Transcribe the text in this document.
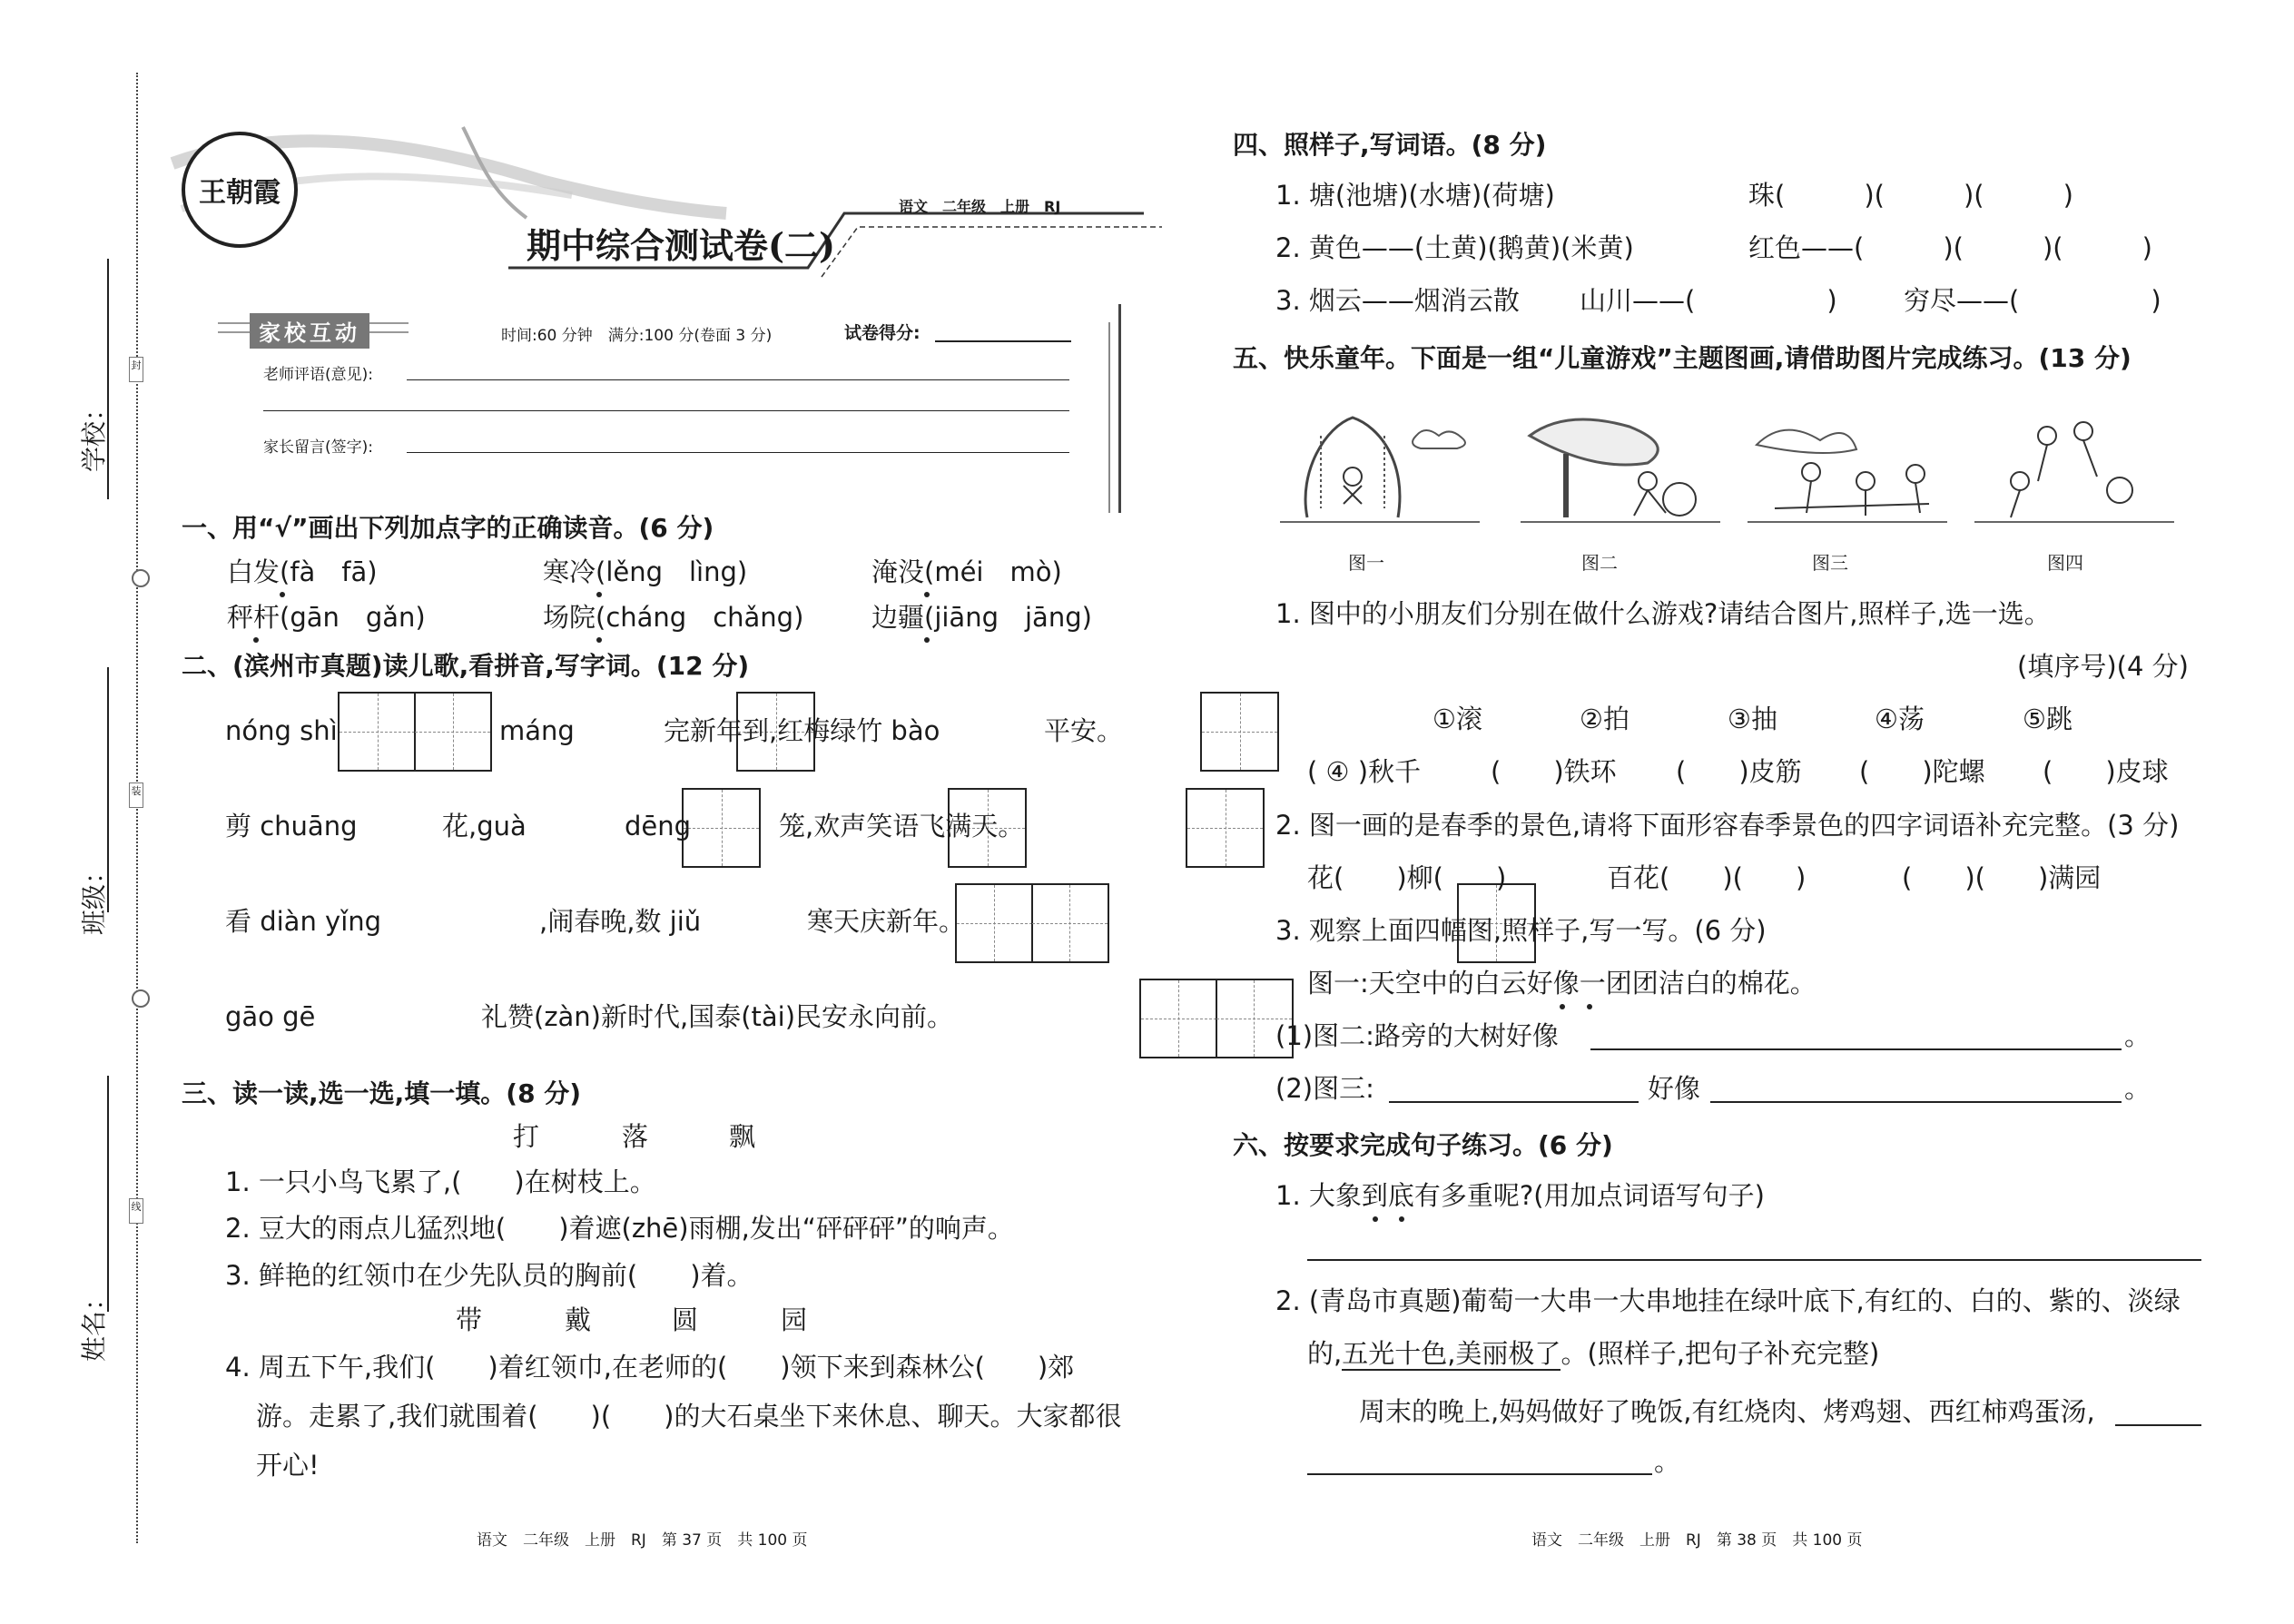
学校：
班级：
姓名：
封
装
线
王朝霞	语文　二年级　上册　RJ
期中综合测试卷(二)
家校互动	时间:60 分钟　满分:100 分(卷面 3 分)	试卷得分:
老师评语(意见):
家长留言(签字):
一、用“√”画出下列加点字的正确读音。(6 分)
白发(fà　fā)	寒冷(lěng　lìng)	淹没(méi　mò)
秤杆(gān　gǎn)	场院(cháng　chǎng)	边疆(jiāng　jāng)
二、(滨州市真题)读儿歌,看拼音,写字词。(12 分)
nóng shì
	máng
	完新年到,红梅绿竹 bào
	平安。
剪 chuāng
	花,guà
	dēng
	笼,欢声笑语飞满天。
看 diàn yǐng
	,闹春晚,数 jiǔ
	寒天庆新年。
gāo gē	礼赞(zàn)新时代,国泰(tài)民安永向前。
三、读一读,选一选,填一填。(8 分)
打	落	飘
1. 一只小鸟飞累了,(　　)在树枝上。
2. 豆大的雨点儿猛烈地(　　)着遮(zhē)雨棚,发出“砰砰砰”的响声。
3. 鲜艳的红领巾在少先队员的胸前(　　)着。
带	戴	圆	园
4. 周五下午,我们(　　)着红领巾,在老师的(　　)领下来到森林公(　　)郊
游。走累了,我们就围着(　　)(　　)的大石桌坐下来休息、聊天。大家都很
开心!
语文　二年级　上册　RJ　第 37 页　共 100 页
四、照样子,写词语。(8 分)
1. 塘(池塘)(水塘)(荷塘)	珠(　　　)(　　　)(　　　)
2. 黄色——(土黄)(鹅黄)(米黄)	红色——(　　　)(　　　)(　　　)
3. 烟云——烟消云散 山川——(　　　　　)	穷尽——(　　　　　)
五、快乐童年。下面是一组“儿童游戏”主题图画,请借助图片完成练习。(13 分)
图一	图二	图三	图四
1. 图中的小朋友们分别在做什么游戏?请结合图片,照样子,选一选。
(填序号)(4 分)
①滚	②拍	③抽	④荡	⑤跳
( ④ )秋千	(　　)铁环 (　　)皮筋 (　　)陀螺 (　　)皮球
2. 图一画的是春季的景色,请将下面形容春季景色的四字词语补充完整。(3 分)
花(　　)柳(　　)	百花(　　)(　　)	(　　)(　　)满园
3. 观察上面四幅图,照样子,写一写。(6 分)
图一:天空中的白云好像一团团洁白的棉花。
(1)图二:路旁的大树好像	。
(2)图三:	好像	。
六、按要求完成句子练习。(6 分)
1. 大象到底有多重呢?(用加点词语写句子)
2. (青岛市真题)葡萄一大串一大串地挂在绿叶底下,有红的、白的、紫的、淡绿
的,五光十色,美丽极了。(照样子,把句子补充完整)
周末的晚上,妈妈做好了晚饭,有红烧肉、烤鸡翅、西红柿鸡蛋汤,
。
语文　二年级　上册　RJ　第 38 页　共 100 页
